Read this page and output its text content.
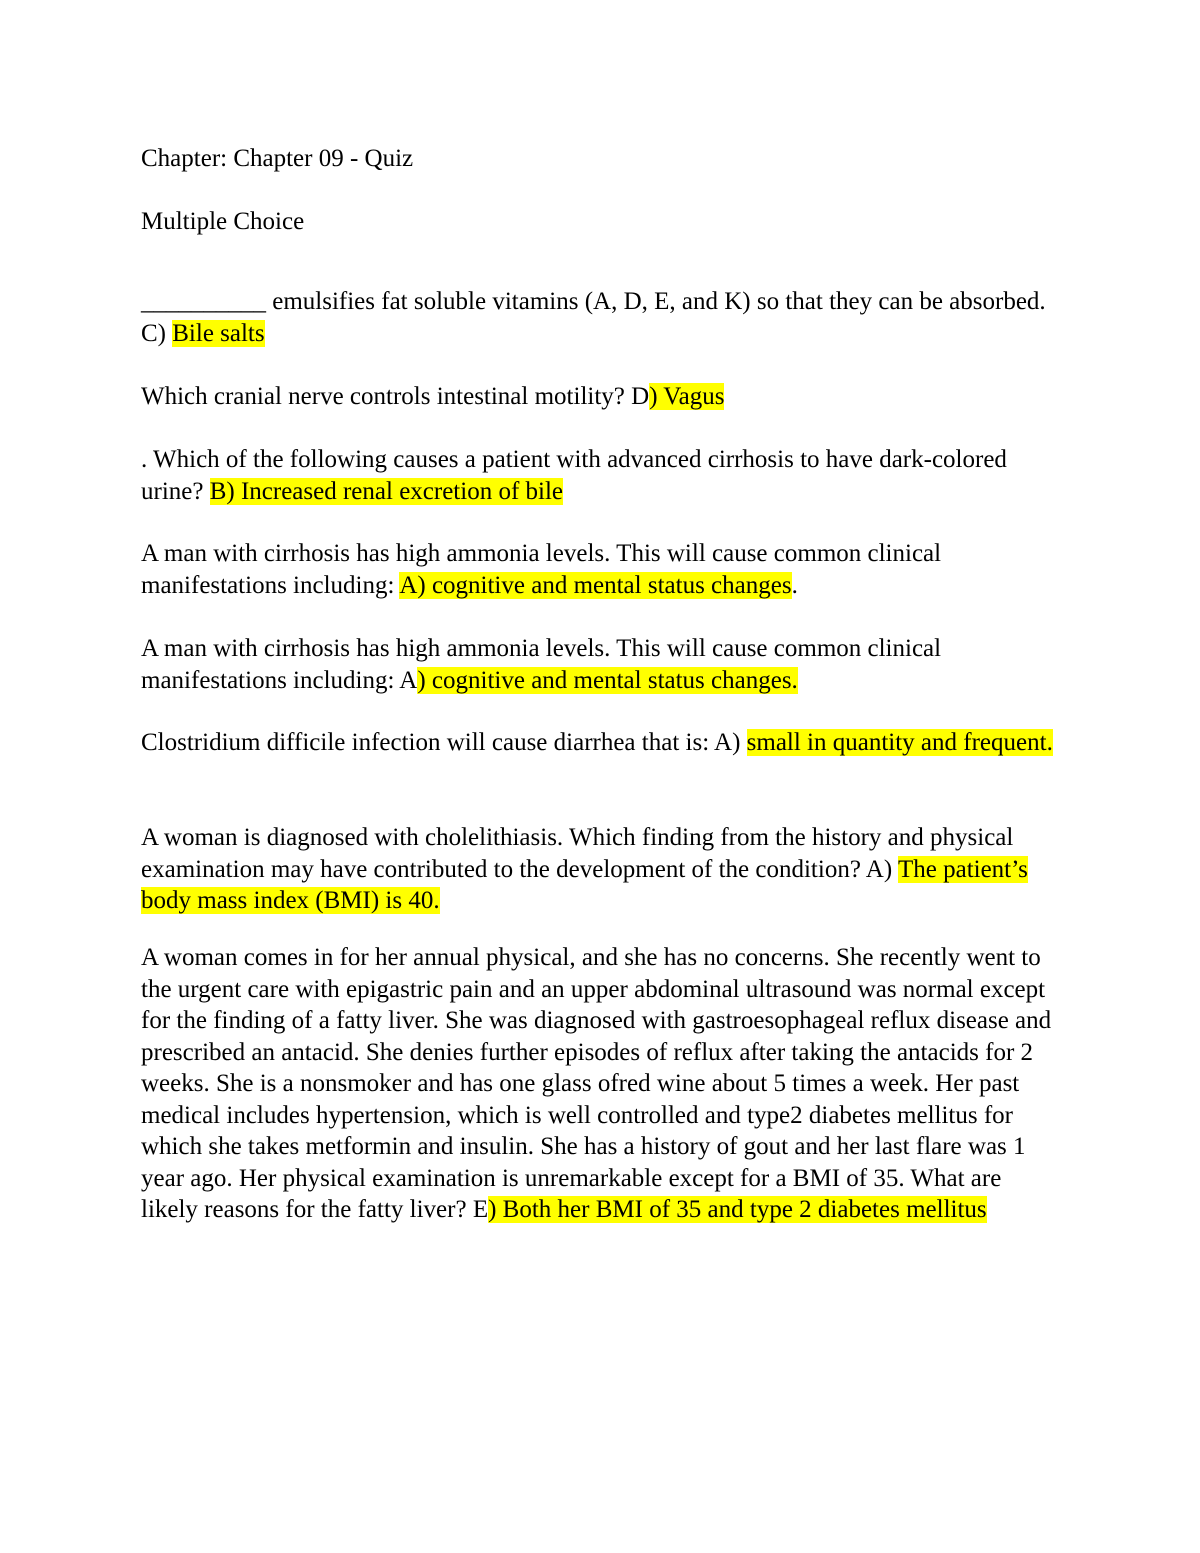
Chapter: Chapter 09 - Quiz
Multiple Choice
__________ emulsifies fat soluble vitamins (A, D, E, and K) so that they can be absorbed. C) Bile salts
Which cranial nerve controls intestinal motility? D) Vagus
. Which of the following causes a patient with advanced cirrhosis to have dark-colored urine? B) Increased renal excretion of bile
A man with cirrhosis has high ammonia levels. This will cause common clinical manifestations including: A) cognitive and mental status changes.
A man with cirrhosis has high ammonia levels. This will cause common clinical manifestations including: A) cognitive and mental status changes.
Clostridium difficile infection will cause diarrhea that is: A) small in quantity and frequent.
A woman is diagnosed with cholelithiasis. Which finding from the history and physical examination may have contributed to the development of the condition? A) The patient’s body mass index (BMI) is 40.
A woman comes in for her annual physical, and she has no concerns. She recently went to the urgent care with epigastric pain and an upper abdominal ultrasound was normal except for the finding of a fatty liver. She was diagnosed with gastroesophageal reflux disease and prescribed an antacid. She denies further episodes of reflux after taking the antacids for 2 weeks. She is a nonsmoker and has one glass ofred wine about 5 times a week. Her past medical includes hypertension, which is well controlled and type2 diabetes mellitus for which she takes metformin and insulin. She has a history of gout and her last flare was 1 year ago. Her physical examination is unremarkable except for a BMI of 35. What are likely reasons for the fatty liver? E) Both her BMI of 35 and type 2 diabetes mellitus
